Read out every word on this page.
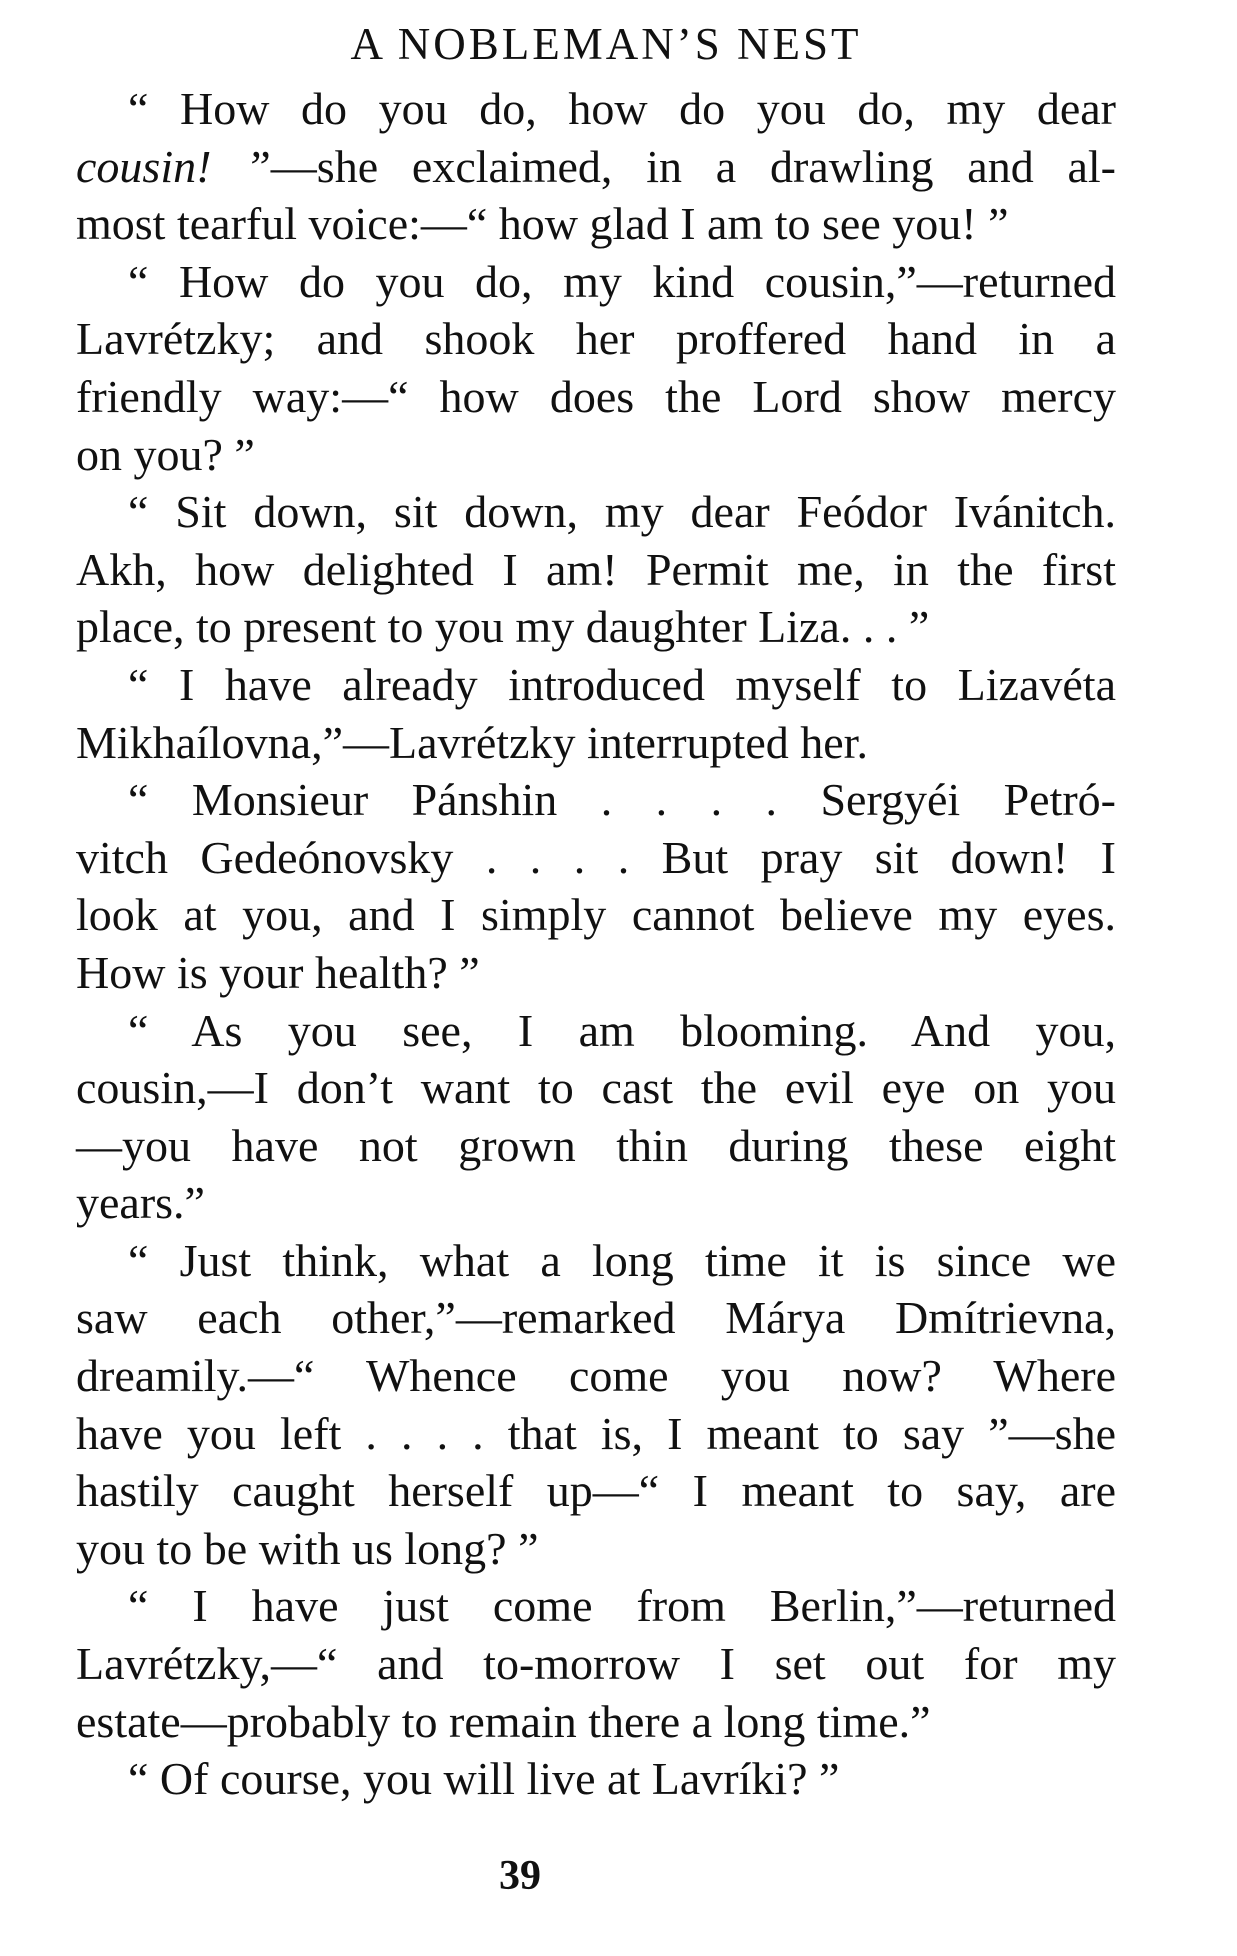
A NOBLEMAN’S NEST
“ How do you do, how do you do, my dear
cousin! ”—she exclaimed, in a drawling and al-
most tearful voice:—“ how glad I am to see you! ”
“ How do you do, my kind cousin,”—returned
Lavrétzky; and shook her proffered hand in a
friendly way:—“ how does the Lord show mercy
on you? ”
“ Sit down, sit down, my dear Feódor Ivánitch.
Akh, how delighted I am! Permit me, in the first
place, to present to you my daughter Liza. . . ”
“ I have already introduced myself to Lizavéta
Mikhaílovna,”—Lavrétzky interrupted her.
“ Monsieur Pánshin . . . . Sergyéi Petró-
vitch Gedeónovsky . . . . But pray sit down! I
look at you, and I simply cannot believe my eyes.
How is your health? ”
“ As you see, I am blooming. And you,
cousin,—I don’t want to cast the evil eye on you
—you have not grown thin during these eight
years.”
“ Just think, what a long time it is since we
saw each other,”—remarked Márya Dmítrievna,
dreamily.—“ Whence come you now? Where
have you left . . . . that is, I meant to say ”—she
hastily caught herself up—“ I meant to say, are
you to be with us long? ”
“ I have just come from Berlin,”—returned
Lavrétzky,—“ and to-morrow I set out for my
estate—probably to remain there a long time.”
“ Of course, you will live at Lavríki? ”
39
